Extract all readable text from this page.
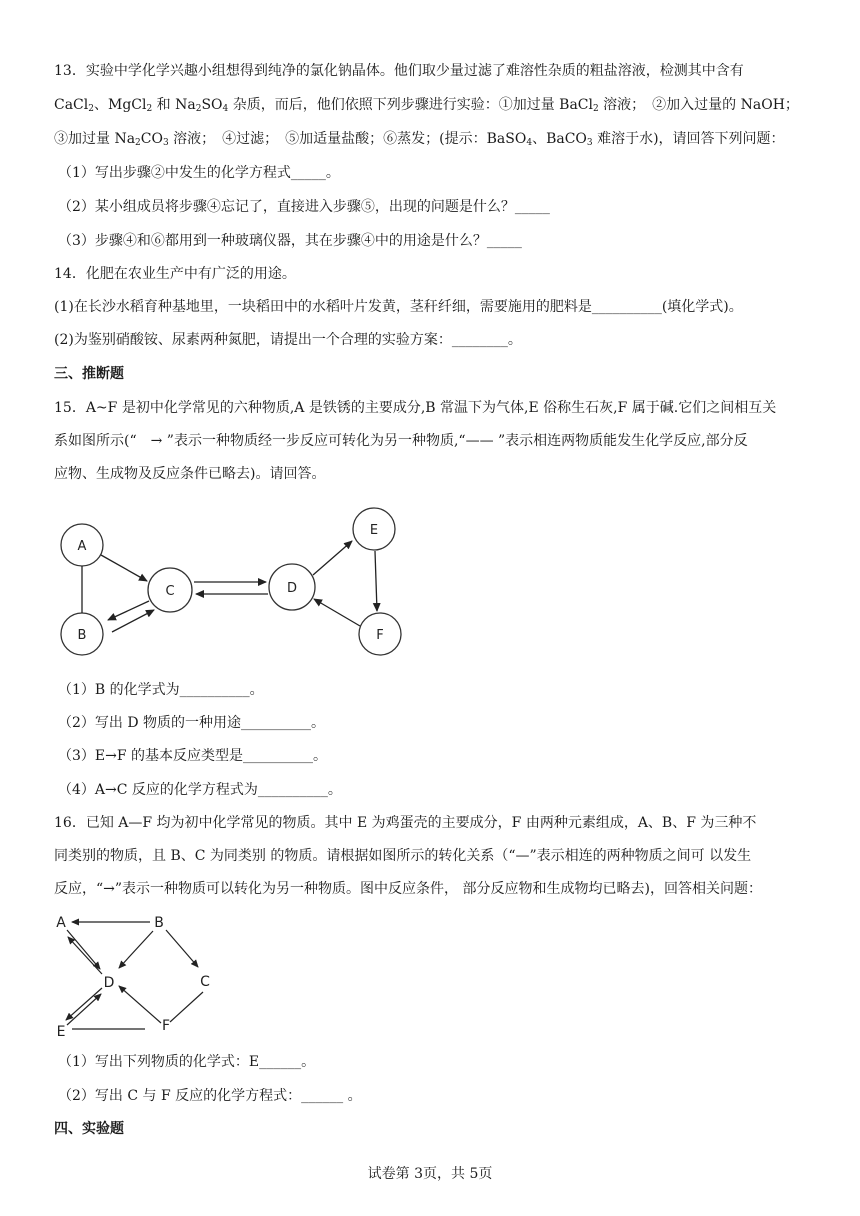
13．实验中学化学兴趣小组想得到纯净的氯化钠晶体。他们取少量过滤了难溶性杂质的粗盐溶液，检测其中含有
CaCl$_2$、MgCl$_2$ 和 $Na_2SO_4$ 杂质，而后，他们依照下列步骤进行实验：①加过量 BaCl$_2$ 溶液；　②加入过量的 NaOH；
③加过量 $Na_2CO_3$ 溶液；　④过滤；　⑤加适量盐酸；⑥蒸发；(提示：BaSO$_4$、BaCO$_3$ 难溶于水)，请回答下列问题：
（1）写出步骤②中发生的化学方程式_____。
（2）某小组成员将步骤④忘记了，直接进入步骤⑤，出现的问题是什么？_____
（3）步骤④和⑥都用到一种玻璃仪器，其在步骤④中的用途是什么？_____
14．化肥在农业生产中有广泛的用途。
(1)在长沙水稻育种基地里，一块稻田中的水稻叶片发黄，茎秆纤细，需要施用的肥料是__________(填化学式)。
(2)为鉴别硝酸铵、尿素两种氮肥，请提出一个合理的实验方案：________。
三、推断题
15．A~F 是初中化学常见的六种物质,A 是铁锈的主要成分,B 常温下为气体,E 俗称生石灰,F 属于碱.它们之间相互关
系如图所示(“　→ ”表示一种物质经一步反应可转化为另一种物质,“—— ”表示相连两物质能发生化学反应,部分反
应物、生成物及反应条件已略去)。请回答。
A
B
C	D
E
F
（1）B 的化学式为__________。
（2）写出 D 物质的一种用途__________。
（3）E→F 的基本反应类型是__________。
（4）A→C 反应的化学方程式为__________。
16．已知 A—F 均为初中化学常见的物质。其中 E 为鸡蛋壳的主要成分，F 由两种元素组成，A、B、F 为三种不
同类别的物质，且 B、C 为同类别 的物质。请根据如图所示的转化关系（“—”表示相连的两种物质之间可 以发生
反应，“→”表示一种物质可以转化为另一种物质。图中反应条件， 部分反应物和生成物均已略去)，回答相关问题：
A	B
C
D
E	F
（1）写出下列物质的化学式：E______。
（2）写出 C 与 F 反应的化学方程式：______ 。
四、实验题
试卷第 3页，共 5页
